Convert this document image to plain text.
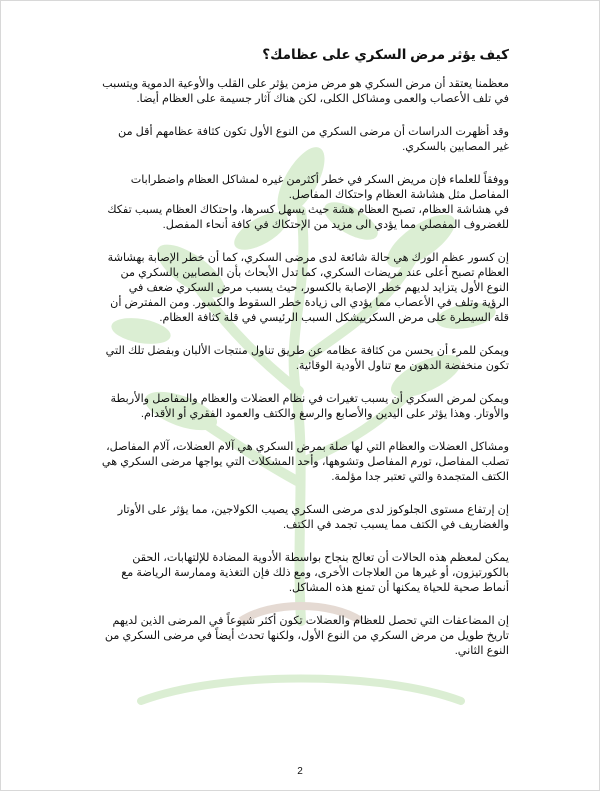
كيف يؤثر مرض السكري على عظامك؟

معظمنا يعتقد أن مرض السكري هو مرض مزمن يؤثر على القلب والأوعية الدموية ويتسبب في تلف الأعصاب والعمى ومشاكل الكلى، لكن هناك آثار جسيمة على العظام أيضا.

وقد أظهرت الدراسات أن مرضى السكري من النوع الأول تكون كثافة عظامهم أقل من غير المصابين بالسكري.

ووفقاً للعلماء فإن مريض السكر في خطر أكثرمن غيره لمشاكل العظام واضطرابات المفاصل مثل هشاشة العظام واحتكاك المفاصل.
في هشاشة العظام، تصبح العظام هشة حيث يسهل كسرها، واحتكاك العظام يسبب تفكك للغضروف المفصلي مما يؤدي الى مزيد من الإحتكاك في كافة أنحاء المفصل.

إن كسور عظم الورك هي حالة شائعة لدى مرضى السكري، كما أن خطر الإصابة بهشاشة العظام تصبح أعلى عند مريضات السكري، كما تدل الأبحاث بأن المصابين بالسكري من النوع الأول يتزايد لديهم خطر الإصابة بالكسور، حيث يسبب مرض السكري ضعف في الرؤية وتلف في الأعصاب مما يؤدي الى زيادة خطر السقوط والكسور. ومن المفترض أن قلة السيطرة على مرض السكرييشكل السبب الرئيسي في قلة كثافة العظام.

ويمكن للمرء أن يحسن من كثافة عظامه عن طريق تناول منتجات الألبان وبفضل تلك التي تكون منخفضة الدهون مع تناول الأودية الوقائية.

ويمكن لمرض السكري أن يسبب تغيرات في نظام العضلات والعظام والمفاصل والأربطة والأوتار. وهذا يؤثر على اليدين والأصابع والرسغ والكتف والعمود الفقري أو الأقدام.

ومشاكل العضلات والعظام التي لها صلة بمرض السكري هي آلام العضلات، آلام المفاصل، تصلب المفاصل، تورم المفاصل وتشوهها، وأحد المشكلات التي يواجها مرضى السكري هي الكتف المتجمدة والتي تعتبر جدا مؤلمة.

إن إرتفاع مستوى الجلوكوز لدى مرضى السكري يصيب الكولاجين، مما يؤثر على الأوتار والغضاريف في الكتف مما يسبب تجمد في الكتف.

يمكن لمعظم هذه الحالات أن تعالج بنجاح بواسطة الأدوية المضادة للإلتهابات، الحقن بالكورتيزون، أو غيرها من العلاجات الأخرى، ومع ذلك فإن التغذية وممارسة الرياضة مع أنماط صحية للحياة يمكنها أن تمنع هذه المشاكل.

إن المضاعفات التي تحصل للعظام والعضلات تكون أكثر شيوعاً في المرضى الذين لديهم تاريخ طويل من مرض السكري من النوع الأول، ولكنها تحدث أيضاً في مرضى السكري من النوع الثاني.

2
